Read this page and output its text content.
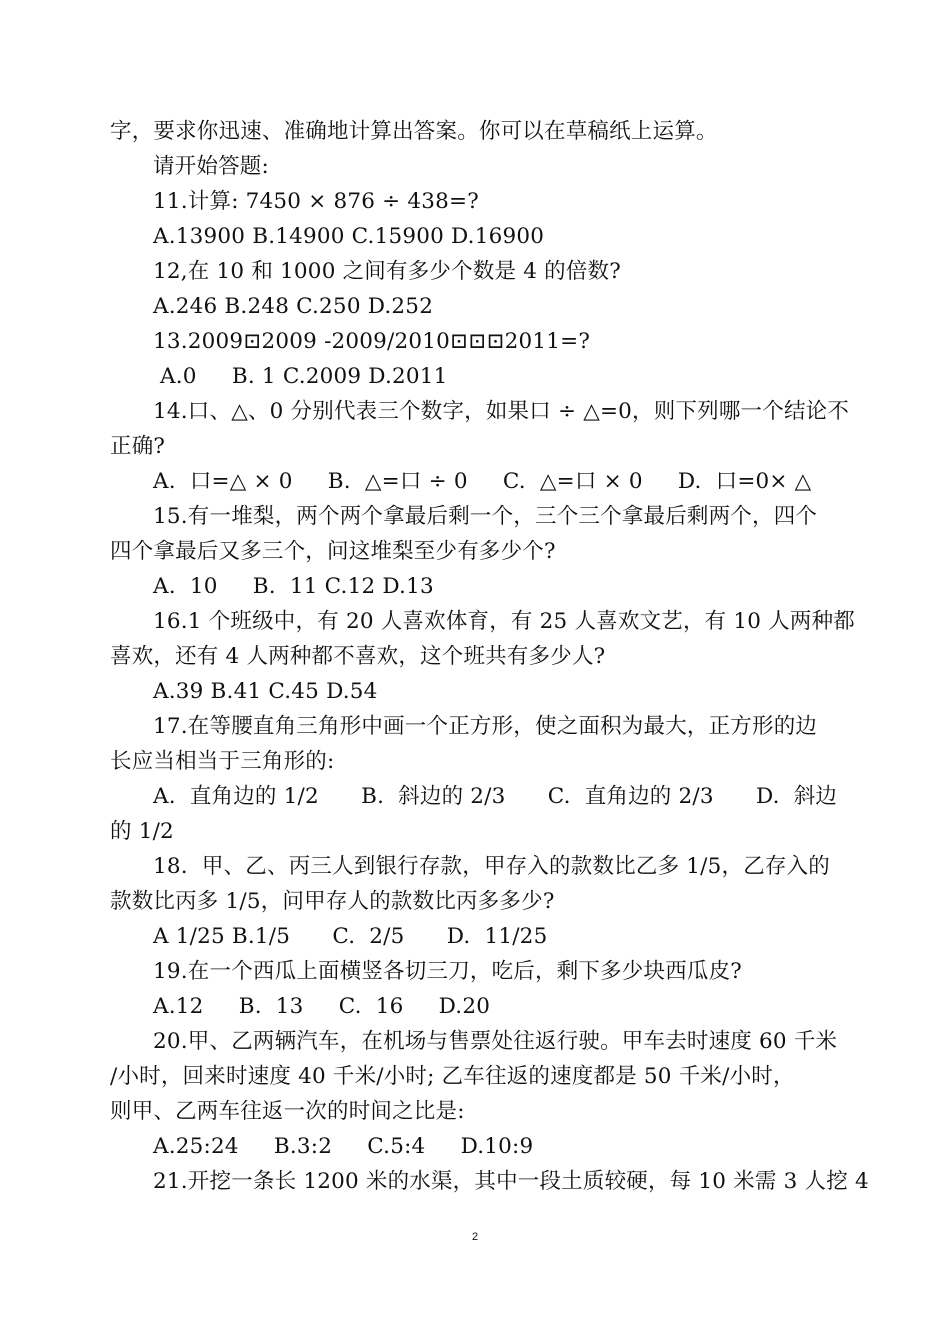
字，要求你迅速、准确地计算出答案。你可以在草稿纸上运算。
请开始答题:
11.计算: 7450 × 876 ÷ 438=?
A.13900 B.14900 C.15900 D.16900
12,在 10 和 1000 之间有多少个数是 4 的倍数?
A.246 B.248 C.250 D.252
13.2009⊡2009 -2009/2010⊡⊡⊡2011=?
A.0     B. 1 C.2009 D.2011
14.口、△、0 分别代表三个数字，如果口 ÷ △=0，则下列哪一个结论不
正确?
A.  口=△ × 0     B.  △=口 ÷ 0     C.  △=口 × 0     D.  口=0× △
15.有一堆梨，两个两个拿最后剩一个，三个三个拿最后剩两个，四个
四个拿最后又多三个，问这堆梨至少有多少个?
A.  10     B.  11 C.12 D.13
16.1 个班级中，有 20 人喜欢体育，有 25 人喜欢文艺，有 10 人两种都
喜欢，还有 4 人两种都不喜欢，这个班共有多少人?
A.39 B.41 C.45 D.54
17.在等腰直角三角形中画一个正方形，使之面积为最大，正方形的边
长应当相当于三角形的:
A.  直角边的 1/2      B.  斜边的 2/3      C.  直角边的 2/3      D.  斜边
的 1/2
18.  甲、乙、丙三人到银行存款，甲存入的款数比乙多 1/5，乙存入的
款数比丙多 1/5，问甲存人的款数比丙多多少?
A 1/25 B.1/5      C.  2/5      D.  11/25
19.在一个西瓜上面横竖各切三刀，吃后，剩下多少块西瓜皮?
A.12     B.  13     C.  16     D.20
20.甲、乙两辆汽车，在机场与售票处往返行驶。甲车去时速度 60 千米
/小时，回来时速度 40 千米/小时; 乙车往返的速度都是 50 千米/小时，
则甲、乙两车往返一次的时间之比是:
A.25:24     B.3:2     C.5:4     D.10:9
21.开挖一条长 1200 米的水渠，其中一段土质较硬，每 10 米需 3 人挖 4
2
